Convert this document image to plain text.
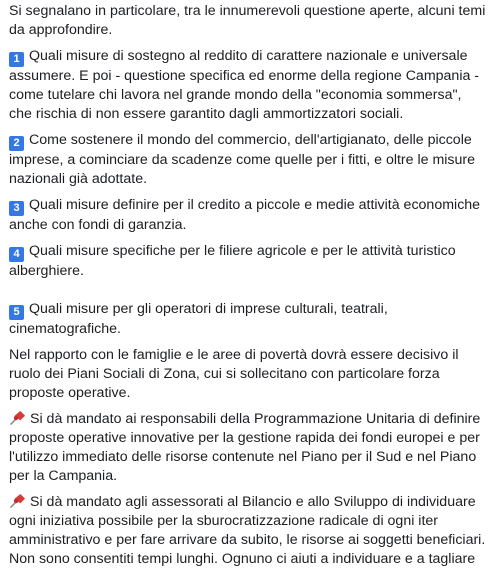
Si segnalano in particolare, tra le innumerevoli questione aperte, alcuni temi da approfondire.

1 Quali misure di sostegno al reddito di carattere nazionale e universale assumere. E poi - questione specifica ed enorme della regione Campania - come tutelare chi lavora nel grande mondo della "economia sommersa", che rischia di non essere garantito dagli ammortizzatori sociali.

2 Come sostenere il mondo del commercio, dell'artigianato, delle piccole imprese, a cominciare da scadenze come quelle per i fitti, e oltre le misure nazionali già adottate.

3 Quali misure definire per il credito a piccole e medie attività economiche anche con fondi di garanzia.

4 Quali misure specifiche per le filiere agricole e per le attività turistico alberghiere.

5 Quali misure per gli operatori di imprese culturali, teatrali, cinematografiche.

Nel rapporto con le famiglie e le aree di povertà dovrà essere decisivo il ruolo dei Piani Sociali di Zona, cui si sollecitano con particolare forza proposte operative.

Si dà mandato ai responsabili della Programmazione Unitaria di definire proposte operative innovative per la gestione rapida dei fondi europei e per l'utilizzo immediato delle risorse contenute nel Piano per il Sud e nel Piano per la Campania.

Si dà mandato agli assessorati al Bilancio e allo Sviluppo di individuare ogni iniziativa possibile per la sburocratizzazione radicale di ogni iter amministrativo e per fare arrivare da subito, le risorse ai soggetti beneficiari. Non sono consentiti tempi lunghi. Ognuno ci aiuti a individuare e a tagliare
